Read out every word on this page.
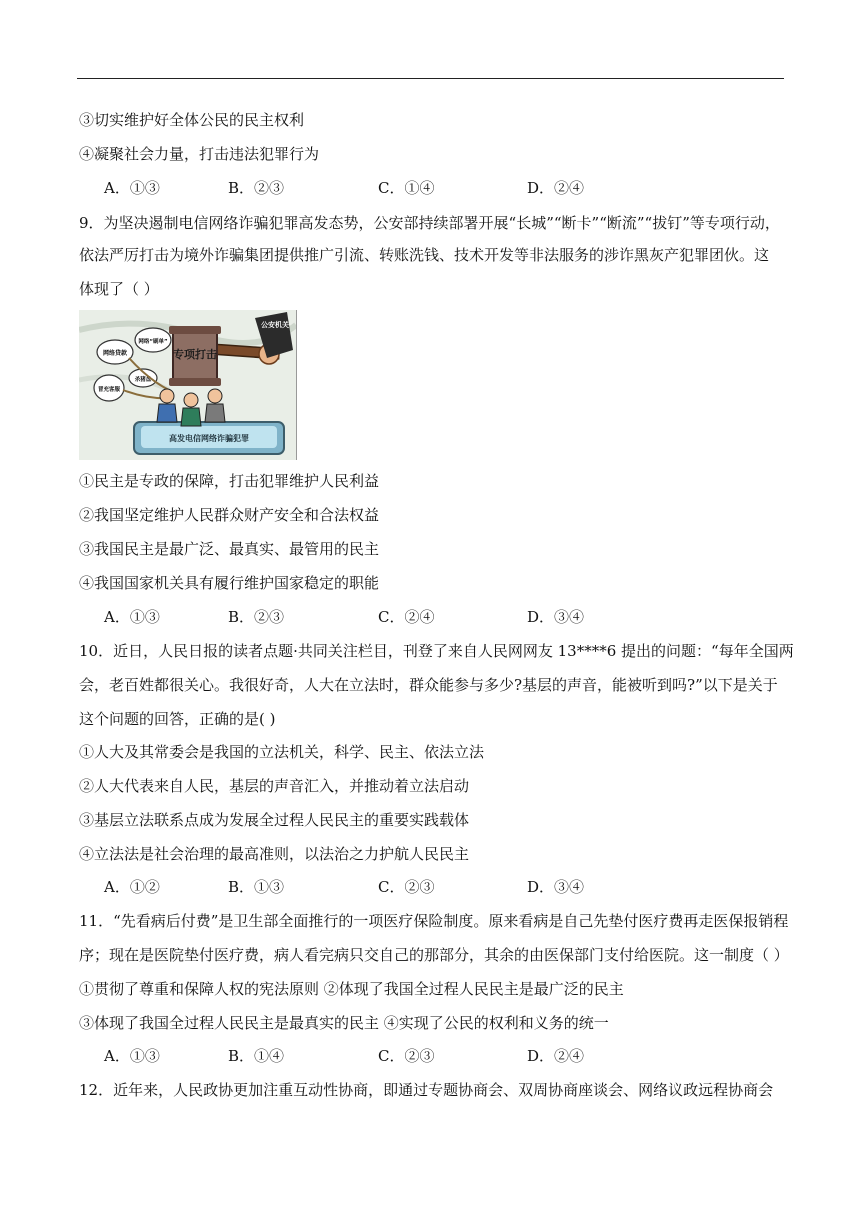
③切实维护好全体公民的民主权利
④凝聚社会力量，打击违法犯罪行为
A．①③	B．②③	C．①④	D．②④
9．为坚决遏制电信网络诈骗犯罪高发态势，公安部持续部署开展“长城”“断卡”“断流”“拔钉”等专项行动，
依法严厉打击为境外诈骗集团提供推广引流、转账洗钱、技术开发等非法服务的涉诈黑灰产犯罪团伙。这
体现了（ ）
高发电信网络诈骗犯罪
公安机关
专项打击
网络贷款
网络“刷单”
冒充客服
杀猪盘
①民主是专政的保障，打击犯罪维护人民利益
②我国坚定维护人民群众财产安全和合法权益
③我国民主是最广泛、最真实、最管用的民主
④我国国家机关具有履行维护国家稳定的职能
A．①③	B．②③	C．②④	D．③④
10．近日，人民日报的读者点题·共同关注栏目，刊登了来自人民网网友 13****6 提出的问题：“每年全国两
会，老百姓都很关心。我很好奇，人大在立法时，群众能参与多少?基层的声音，能被听到吗?”以下是关于
这个问题的回答，正确的是( )
①人大及其常委会是我国的立法机关，科学、民主、依法立法
②人大代表来自人民，基层的声音汇入，并推动着立法启动
③基层立法联系点成为发展全过程人民民主的重要实践载体
④立法法是社会治理的最高准则，以法治之力护航人民民主
A．①②	B．①③	C．②③	D．③④
11．“先看病后付费”是卫生部全面推行的一项医疗保险制度。原来看病是自己先垫付医疗费再走医保报销程
序；现在是医院垫付医疗费，病人看完病只交自己的那部分，其余的由医保部门支付给医院。这一制度（ ）
①贯彻了尊重和保障人权的宪法原则 ②体现了我国全过程人民民主是最广泛的民主
③体现了我国全过程人民民主是最真实的民主 ④实现了公民的权利和义务的统一
A．①③	B．①④	C．②③	D．②④
12．近年来，人民政协更加注重互动性协商，即通过专题协商会、双周协商座谈会、网络议政远程协商会
